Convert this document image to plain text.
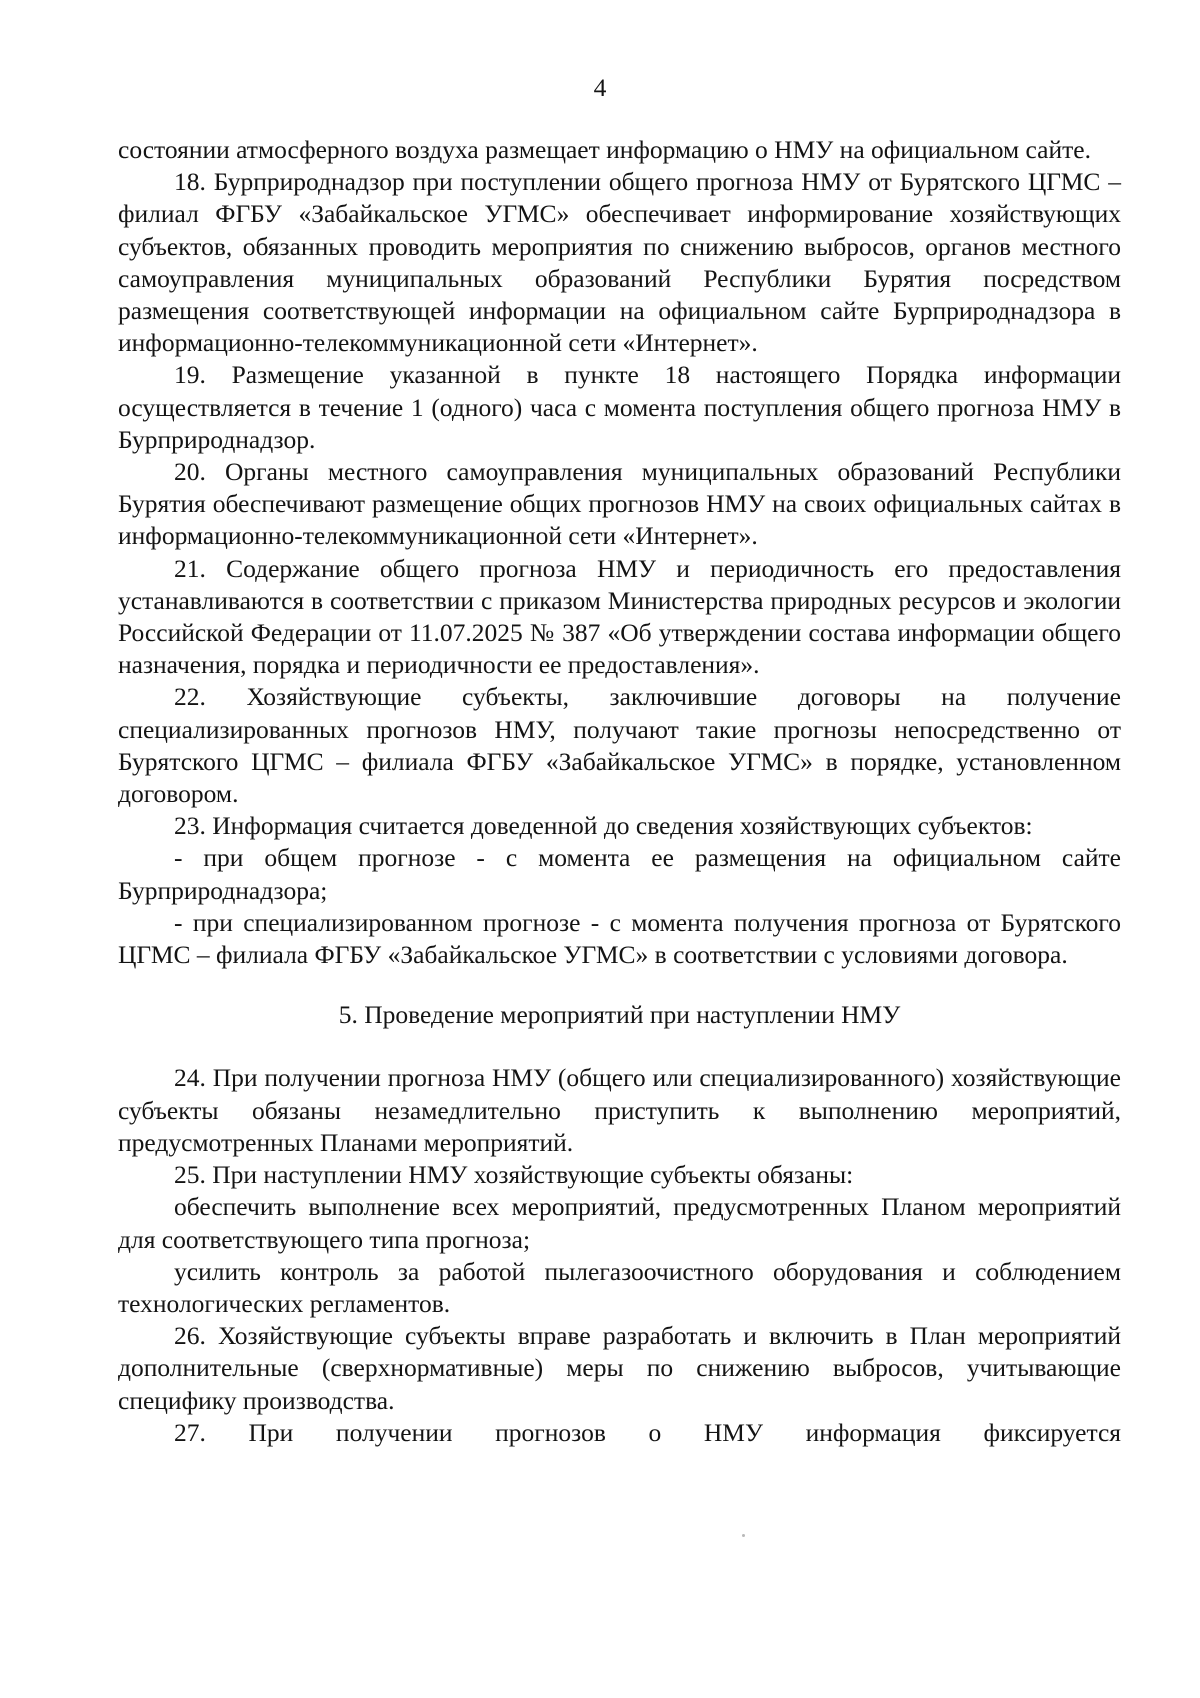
4

состоянии атмосферного воздуха размещает информацию о НМУ на официальном сайте.

18. Бурприроднадзор при поступлении общего прогноза НМУ от Бурятского ЦГМС – филиал ФГБУ «Забайкальское УГМС» обеспечивает информирование хозяйствующих субъектов, обязанных проводить мероприятия по снижению выбросов, органов местного самоуправления муниципальных образований Республики Бурятия посредством размещения соответствующей информации на официальном сайте Бурприроднадзора в информационно-телекоммуникационной сети «Интернет».

19. Размещение указанной в пункте 18 настоящего Порядка информации осуществляется в течение 1 (одного) часа с момента поступления общего прогноза НМУ в Бурприроднадзор.

20. Органы местного самоуправления муниципальных образований Республики Бурятия обеспечивают размещение общих прогнозов НМУ на своих официальных сайтах в информационно-телекоммуникационной сети «Интернет».

21. Содержание общего прогноза НМУ и периодичность его предоставления устанавливаются в соответствии с приказом Министерства природных ресурсов и экологии Российской Федерации от 11.07.2025 № 387 «Об утверждении состава информации общего назначения, порядка и периодичности ее предоставления».

22. Хозяйствующие субъекты, заключившие договоры на получение специализированных прогнозов НМУ, получают такие прогнозы непосредственно от Бурятского ЦГМС – филиала ФГБУ «Забайкальское УГМС» в порядке, установленном договором.

23. Информация считается доведенной до сведения хозяйствующих субъектов:

- при общем прогнозе - с момента ее размещения на официальном сайте Бурприроднадзора;

- при специализированном прогнозе - с момента получения прогноза от Бурятского ЦГМС – филиала ФГБУ «Забайкальское УГМС» в соответствии с условиями договора.

5. Проведение мероприятий при наступлении НМУ

24. При получении прогноза НМУ (общего или специализированного) хозяйствующие субъекты обязаны незамедлительно приступить к выполнению мероприятий, предусмотренных Планами мероприятий.

25. При наступлении НМУ хозяйствующие субъекты обязаны:

обеспечить выполнение всех мероприятий, предусмотренных Планом мероприятий для соответствующего типа прогноза;

усилить контроль за работой пылегазоочистного оборудования и соблюдением технологических регламентов.

26. Хозяйствующие субъекты вправе разработать и включить в План мероприятий дополнительные (сверхнормативные) меры по снижению выбросов, учитывающие специфику производства.

27. При получении прогнозов о НМУ информация фиксируется
